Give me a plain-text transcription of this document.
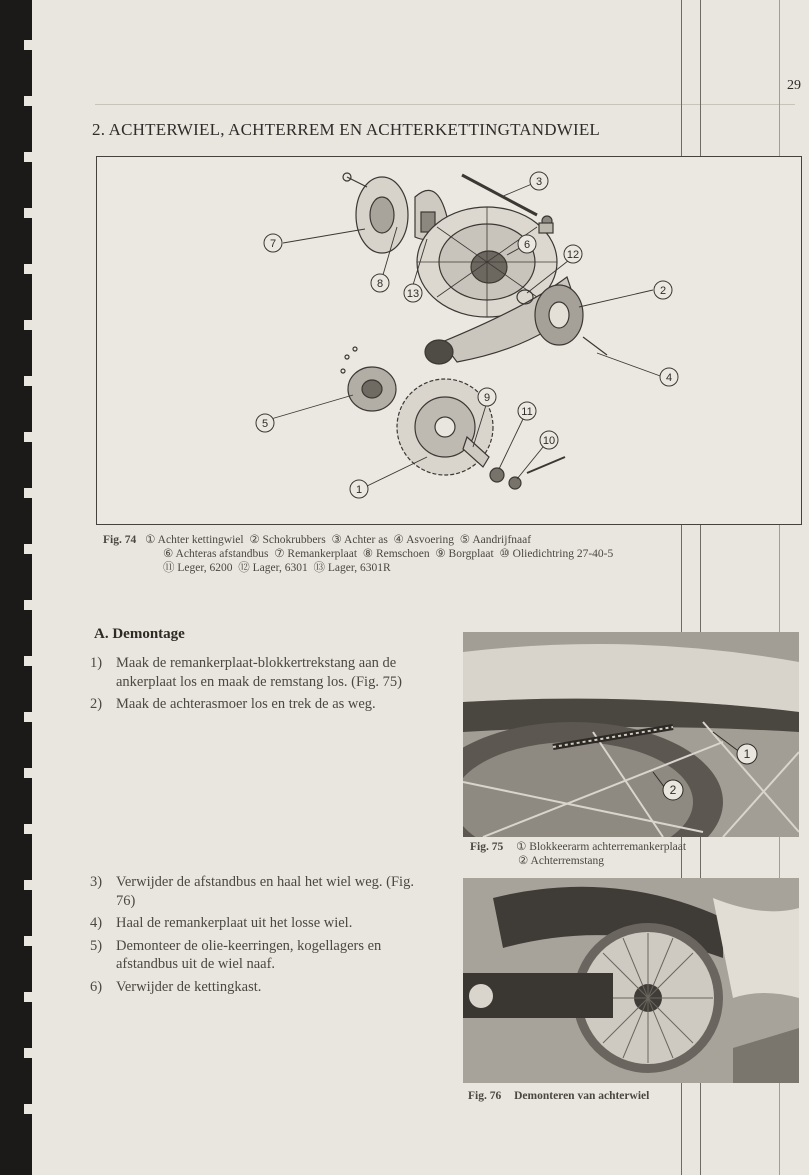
29
2. ACHTERWIEL, ACHTERREM EN ACHTERKETTINGTANDWIEL
3
7	6
12
8
13	2
4
9
11
5
10
1
Fig. 74 ① Achter kettingwiel ② Schokrubbers ③ Achter as ④ Asvoering ⑤ Aandrijfnaaf
⑥ Achteras afstandbus ⑦ Remankerplaat ⑧ Remschoen ⑨ Borgplaat ⑩ Oliedichtring 27-40-5
⑪ Leger, 6200 ⑫ Lager, 6301 ⑬ Lager, 6301R
A. Demontage
1) Maak de remankerplaat-blokkertrekstang aan de ankerplaat los en maak de remstang los. (Fig. 75)
2) Maak de achterasmoer los en trek de as weg.
3) Verwijder de afstandbus en haal het wiel weg. (Fig. 76)
4) Haal de remankerplaat uit het losse wiel.
5) Demonteer de olie-keerringen, kogellagers en afstandbus uit de wiel naaf.
6) Verwijder de kettingkast.
1
2
Fig. 75 ① Blokkeerarm achterremankerplaat
② Achterremstang
Fig. 76 Demonteren van achterwiel
